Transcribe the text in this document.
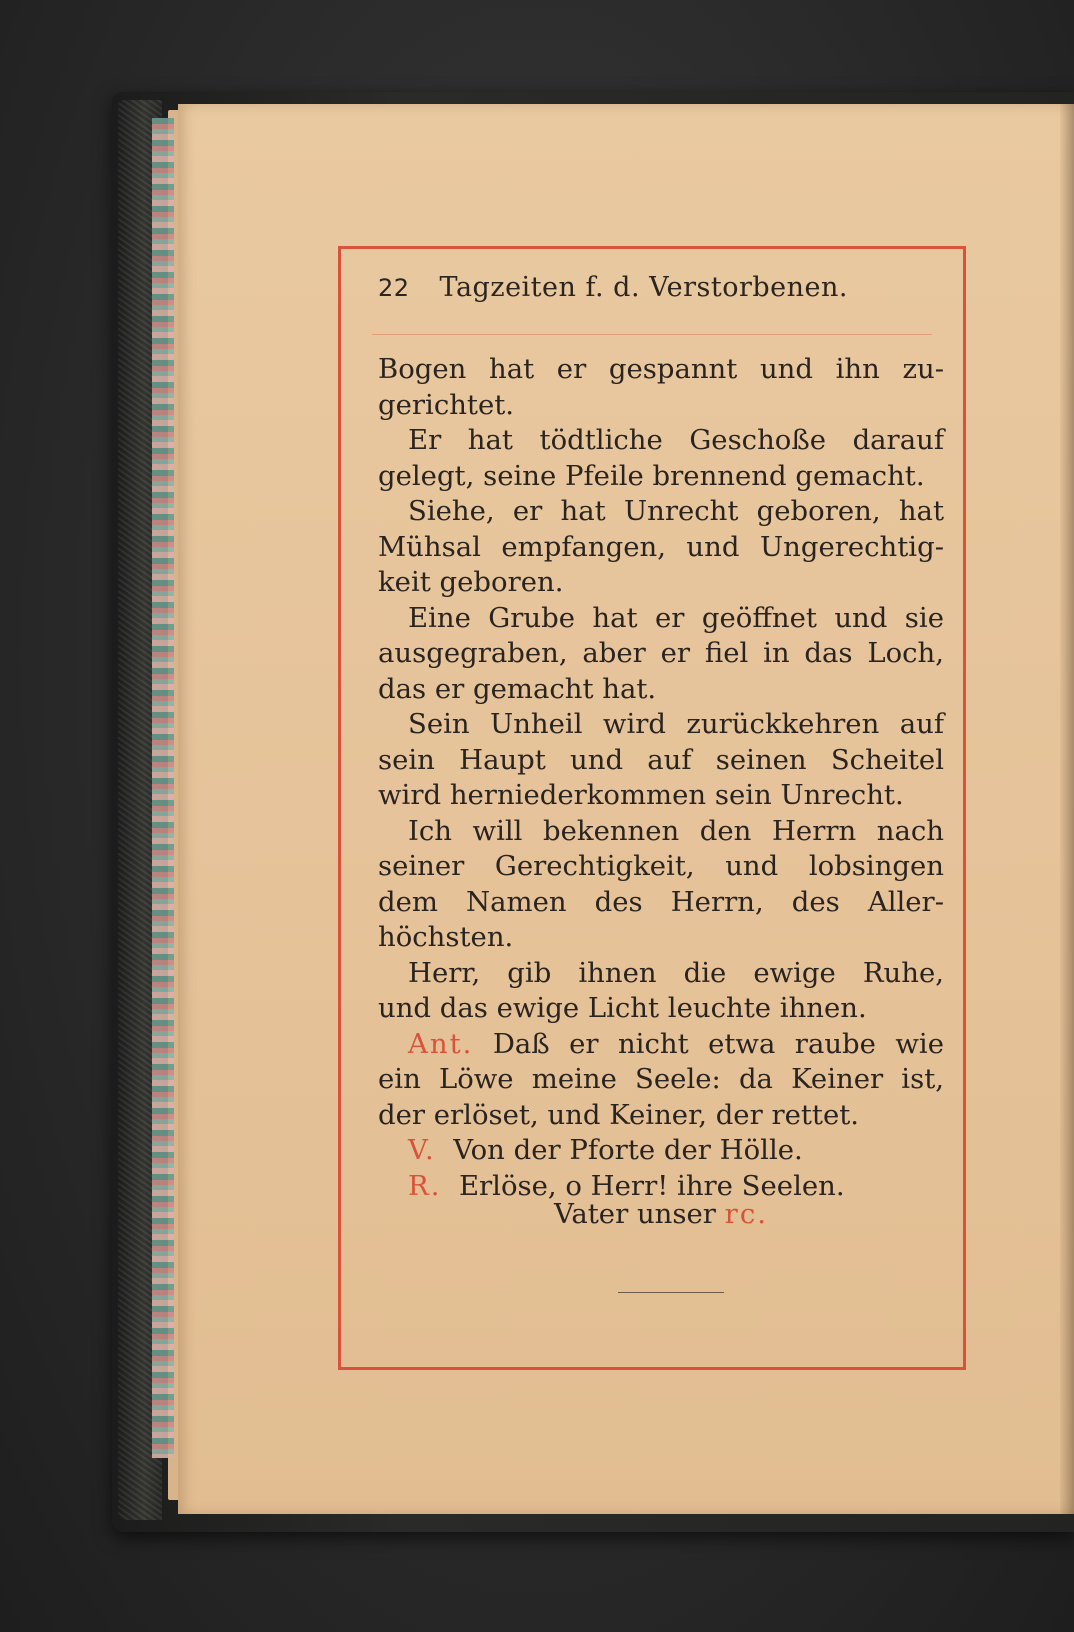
22 Tagzeiten f. d. Verstorbenen.
Bogen hat er gespannt und ihn zu-
gerichtet.
Er hat tödtliche Geschoße darauf
gelegt, seine Pfeile brennend gemacht.
Siehe, er hat Unrecht geboren, hat
Mühsal empfangen, und Ungerechtig-
keit geboren.
Eine Grube hat er geöffnet und sie
ausgegraben, aber er fiel in das Loch,
das er gemacht hat.
Sein Unheil wird zurückkehren auf
sein Haupt und auf seinen Scheitel
wird herniederkommen sein Unrecht.
Ich will bekennen den Herrn nach
seiner Gerechtigkeit, und lobsingen
dem Namen des Herrn, des Aller-
höchsten.
Herr, gib ihnen die ewige Ruhe,
und das ewige Licht leuchte ihnen.
Ant. Daß er nicht etwa raube wie
ein Löwe meine Seele: da Keiner ist,
der erlöset, und Keiner, der rettet.
V. Von der Pforte der Hölle.
R. Erlöse, o Herr! ihre Seelen.
Vater unser rc.
